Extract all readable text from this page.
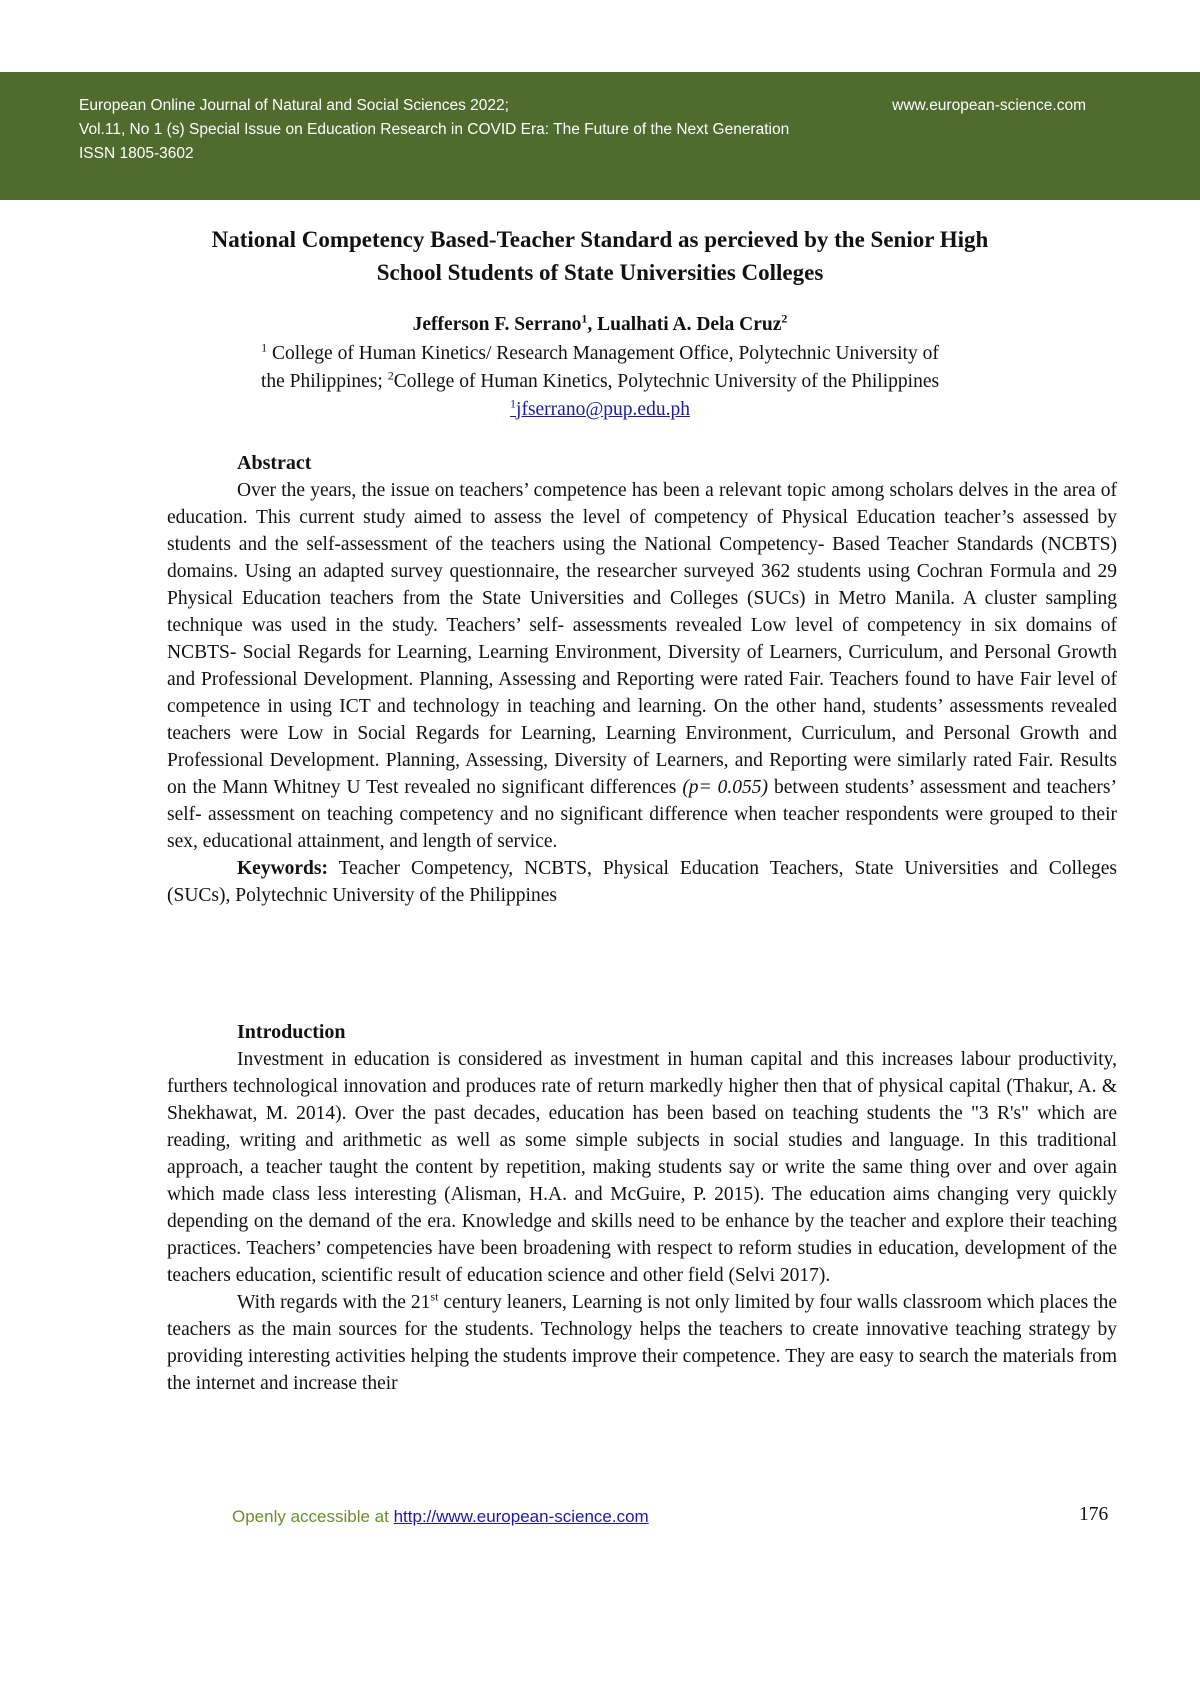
European Online Journal of Natural and Social Sciences 2022;	www.european-science.com
Vol.11, No 1 (s) Special Issue on Education Research in COVID Era: The Future of the Next Generation
ISSN 1805-3602
National Competency Based-Teacher Standard as percieved by the Senior High
School Students of State Universities Colleges
Jefferson F. Serrano$^1$, Lualhati A. Dela Cruz$^2$
$^1$ College of Human Kinetics/ Research Management Office, Polytechnic University of
the Philippines; $^2$College of Human Kinetics, Polytechnic University of the Philippines
$^1$jfserrano@pup.edu.ph
Abstract

Over the years, the issue on teachers’ competence has been a relevant topic among scholars delves in the area of education. This current study aimed to assess the level of competency of Physical Education teacher’s assessed by students and the self-assessment of the teachers using the National Competency- Based Teacher Standards (NCBTS) domains. Using an adapted survey questionnaire, the researcher surveyed 362 students using Cochran Formula and 29 Physical Education teachers from the State Universities and Colleges (SUCs) in Metro Manila. A cluster sampling technique was used in the study. Teachers’ self- assessments revealed Low level of competency in six domains of NCBTS- Social Regards for Learning, Learning Environment, Diversity of Learners, Curriculum, and Personal Growth and Professional Development. Planning, Assessing and Reporting were rated Fair. Teachers found to have Fair level of competence in using ICT and technology in teaching and learning. On the other hand, students’ assessments revealed teachers were Low in Social Regards for Learning, Learning Environment, Curriculum, and Personal Growth and Professional Development. Planning, Assessing, Diversity of Learners, and Reporting were similarly rated Fair. Results on the Mann Whitney U Test revealed no significant differences (p= 0.055) between students’ assessment and teachers’ self- assessment on teaching competency and no significant difference when teacher respondents were grouped to their sex, educational attainment, and length of service.

Keywords: Teacher Competency, NCBTS, Physical Education Teachers, State Universities and Colleges (SUCs), Polytechnic University of the Philippines

Introduction

Investment in education is considered as investment in human capital and this increases labour productivity, furthers technological innovation and produces rate of return markedly higher then that of physical capital (Thakur, A. & Shekhawat, M. 2014). Over the past decades, education has been based on teaching students the "3 R's" which are reading, writing and arithmetic as well as some simple subjects in social studies and language. In this traditional approach, a teacher taught the content by repetition, making students say or write the same thing over and over again which made class less interesting (Alisman, H.A. and McGuire, P. 2015). The education aims changing very quickly depending on the demand of the era. Knowledge and skills need to be enhance by the teacher and explore their teaching practices. Teachers’ competencies have been broadening with respect to reform studies in education, development of the teachers education, scientific result of education science and other field (Selvi 2017).

With regards with the 21st century leaners, Learning is not only limited by four walls classroom which places the teachers as the main sources for the students. Technology helps the teachers to create innovative teaching strategy by providing interesting activities helping the students improve their competence. They are easy to search the materials from the internet and increase their

Openly accessible at http://www.european-science.com	176
